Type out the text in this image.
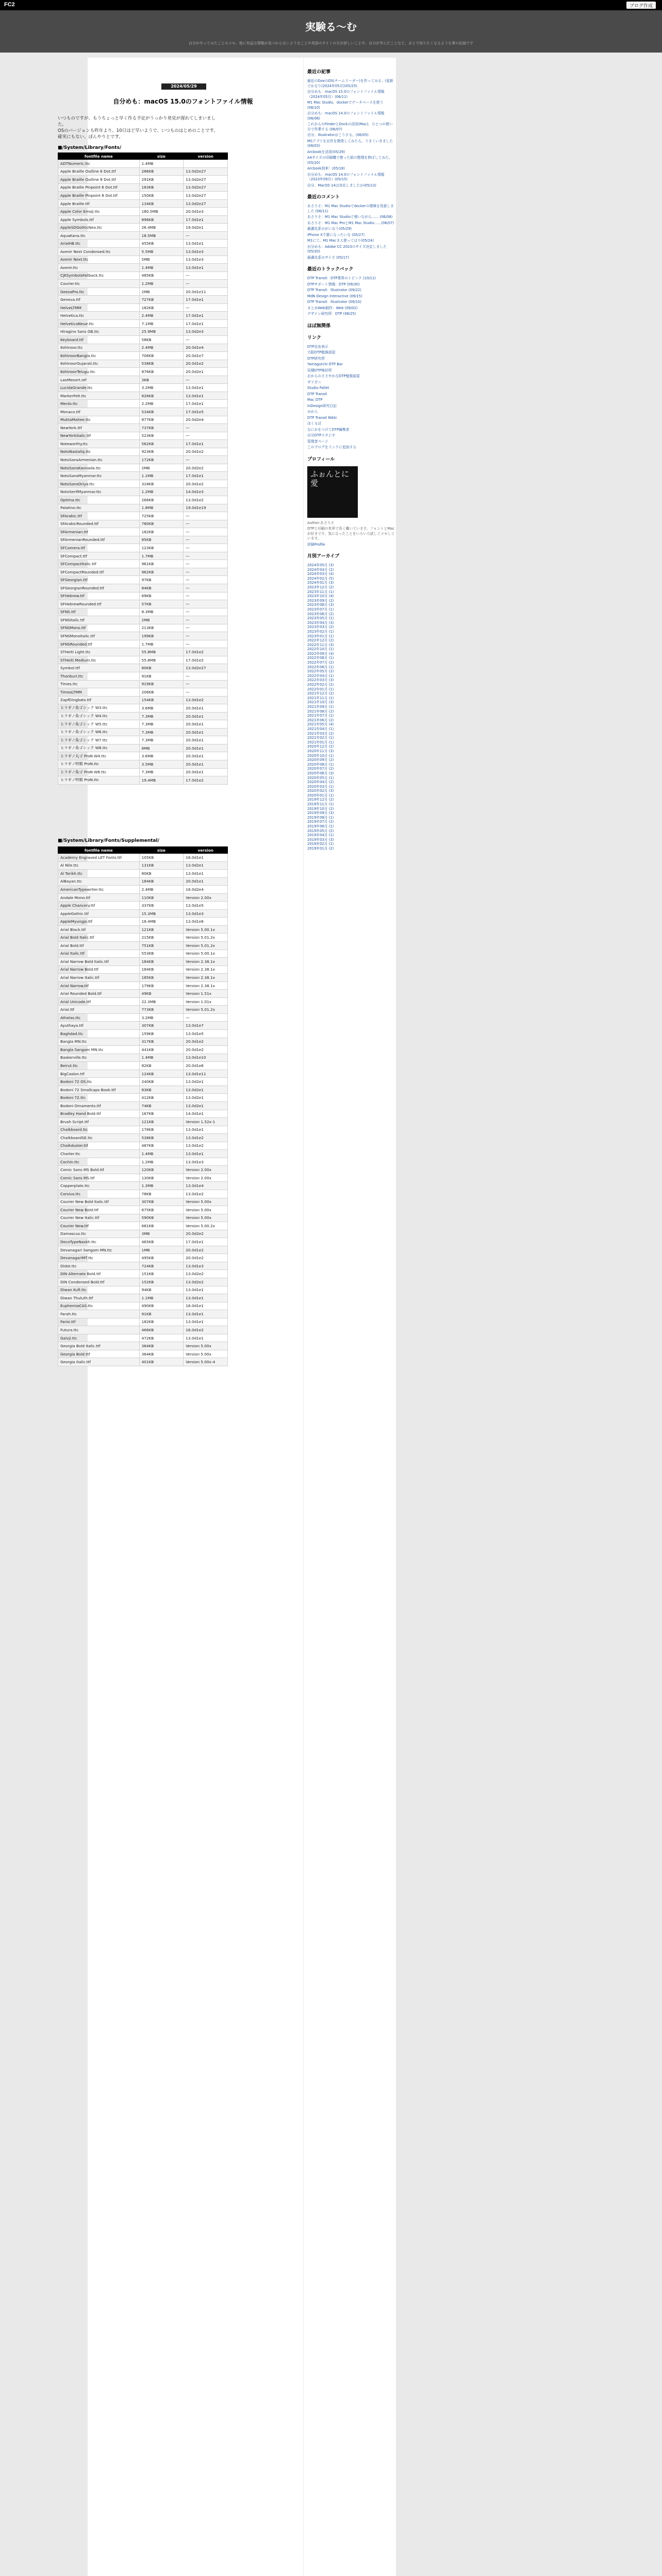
FC2	ブログ作成
実験る〜む
自分がやってみたことのメモ。他に有益な情報が見つからないようなことや英語のサイトの方が詳しいことや、自分が学んだことなど、あとで知りたくなるような事の記録です
2024/05/29
自分めも：macOS 15.0のフォントファイル情報
いつものですが、もうちょっと早く作る予定がうっかり発見が遅れてしまいました。
OSのバージョンも昨年より、10日ほど早いようで、いつものはじめのことです。
確実にもない、ぼんやりとです。
■/System/Library/Fonts/
fontfile name	size	version
ADTNumeric.ttc	1.4MB	
Apple Braille Outline 6 Dot.ttf	286KB	13.0d2e27
Apple Braille Outline 8 Dot.ttf	291KB	13.0d2e27
Apple Braille Pinpoint 6 Dot.ttf	183KB	13.0d2e27
Apple Braille Pinpoint 8 Dot.ttf	150KB	13.0d2e27
Apple Braille.ttf	134KB	13.0d2e27
Apple Color Emoji.ttc	180.5MB	20.0d1e3
Apple Symbols.ttf	896KB	17.0d1e1
AppleSDGothicNeo.ttc	26.4MB	19.0d2e1
AquaKana.ttc	18.5MB	—
ArialHB.ttc	455KB	13.0d1e1
Avenir Next Condensed.ttc	5.5MB	13.0d1e3
Avenir Next.ttc	5MB	13.0d1e3
Avenir.ttc	1.4MB	13.0d1e1
CJKSymbolsFallback.ttc	485KB	—
Courier.ttc	1.2MB	—
GeezaPro.ttc	2MB	20.0d1e11
Geneva.ttf	727KB	17.0d1e1
HelveLTMM	182KB	—
Helvetica.ttc	2.4MB	17.0d1e1
HelveticaNeue.ttc	7.1MB	17.0d1e1
Hiragino Sans GB.ttc	25.9MB	13.0d2e3
Keyboard.ttf	58KB	—
Kohinoor.ttc	2.4MB	20.0d1e4
KohinoorBangla.ttc	706KB	20.0d1e7
KohinoorGujarati.ttc	538KB	20.0d1e2
KohinoorTelugu.ttc	876KB	20.0d2e1
LastResort.otf	3KB	—
LucidaGrande.ttc	3.2MB	13.0d1e1
MarkerFelt.ttc	626KB	13.0d1e1
Menlo.ttc	2.2MB	17.0d1e1
Monaco.ttf	534KB	17.0d1e5
MuktaMahee.ttc	877KB	20.0d2e4
NewYork.ttf	737KB	—
NewYorkItalic.ttf	523KB	—
Noteworthy.ttc	562KB	17.0d1e1
NotoNastaliq.ttc	923KB	20.0d1e2
NotoSansArmenian.ttc	172KB	—
NotoSansKannada.ttc	2MB	20.0d2e2
NotoSansMyanmar.ttc	1.1MB	17.0d1e1
NotoSansOriya.ttc	318KB	20.0d1e2
NotoSerifMyanmar.ttc	1.2MB	14.0d1e3
Optima.ttc	266KB	13.0d1e2
Palatino.ttc	1.8MB	19.0d1e19
SFArabic.ttf	725KB	—
SFArabicRounded.ttf	780KB	—
SFArmenian.ttf	182KB	—
SFArmenianRounded.ttf	85KB	—
SFCamera.ttf	123KB	—
SFCompact.ttf	1.7MB	—
SFCompactItalic.ttf	961KB	—
SFCompactRounded.ttf	962KB	—
SFGeorgian.ttf	97KB	—
SFGeorgianRounded.ttf	84KB	—
SFHebrew.ttf	69KB	—
SFHebrewRounded.ttf	57KB	—
SFNS.ttf	8.3MB	—
SFNSItalic.ttf	2MB	—
SFNSMono.ttf	213KB	—
SFNSMonoItalic.ttf	199KB	—
SFNSRounded.ttf	1.7MB	—
STHeiti Light.ttc	55.8MB	17.0d1e2
STHeiti Medium.ttc	55.8MB	17.0d1e2
Symbol.ttf	80KB	13.0d2e27
Thonburi.ttc	91KB	—
Times.ttc	919KB	—
TimesLTMM	206KB	—
ZapfDingbats.ttf	154KB	13.0d1e2
ヒラギノ角ゴシック W3.ttc	3.6MB	20.0d1e1
ヒラギノ角ゴシック W4.ttc	7.3MB	20.0d1e1
ヒラギノ角ゴシック W5.ttc	7.3MB	20.0d1e1
ヒラギノ角ゴシック W6.ttc	7.3MB	20.0d1e1
ヒラギノ角ゴシック W7.ttc	7.3MB	20.0d1e1
ヒラギノ角ゴシック W8.ttc	8MB	20.0d1e1
ヒラギノ丸ゴ ProN W4.ttc	3.6MB	20.0d1e1
ヒラギノ明朝 ProN.ttc	3.5MB	20.0d1e1
ヒラギノ角ゴ ProN W6.ttc	7.3MB	20.0d1e1
ヒラギノ明朝 ProN.ttc	19.4MB	17.0d1e2
■/System/Library/Fonts/Supplemental/
fontfile name	size	version
Academy Engraved LET Fonts.ttf	105KB	16.0d1e1
Al Nile.ttc	131KB	13.0d2e1
Al Tarikh.ttc	80KB	13.0d1e1
AlBayan.ttc	184KB	20.0d1e1
AmericanTypewriter.ttc	2.4MB	16.0d2e4
Andale Mono.ttf	110KB	Version 2.00x
Apple Chancery.ttf	337KB	13.0d1e5
AppleGothic.ttf	15.3MB	13.0d1e3
AppleMyungjo.ttf	18.4MB	13.0d1e6
Arial Black.ttf	121KB	Version 5.00.1x
Arial Bold Italic.ttf	215KB	Version 5.01.2x
Arial Bold.ttf	751KB	Version 5.01.2x
Arial Italic.ttf	553KB	Version 5.00.1x
Arial Narrow Bold Italic.ttf	184KB	Version 2.38.1x
Arial Narrow Bold.ttf	184KB	Version 2.38.1x
Arial Narrow Italic.ttf	185KB	Version 2.38.1x
Arial Narrow.ttf	179KB	Version 2.38.1x
Arial Rounded Bold.ttf	49KB	Version 1.51x
Arial Unicode.ttf	22.3MB	Version 1.01x
Arial.ttf	773KB	Version 5.01.2x
Athelas.ttc	3.2MB	—
Ayuthaya.ttf	307KB	13.0d1e7
Baghdad.ttc	159KB	13.0d1e5
Bangla MN.ttc	317KB	20.0d1e2
Bangla Sangam MN.ttc	441KB	20.0d1e2
Baskerville.ttc	1.4MB	13.0d1e10
Beirut.ttc	82KB	20.0d1e6
BigCaslon.ttf	124KB	13.0d1e11
Bodoni 72 OS.ttc	240KB	13.0d2e1
Bodoni 72 Smallcaps Book.ttf	83KB	13.0d2e1
Bodoni 72.ttc	412KB	13.0d2e1
Bodoni Ornaments.ttf	74KB	13.0d2e1
Bradley Hand Bold.ttf	167KB	14.0d1e1
Brush Script.ttf	121KB	Version 1.52x-1
Chalkboard.ttc	178KB	13.0d1e1
ChalkboardSE.ttc	538KB	13.0d1e2
Chalkduster.ttf	487KB	13.0d1e2
Charter.ttc	1.4MB	13.0d1e1
Cochin.ttc	1.2MB	13.0d1e3
Comic Sans MS Bold.ttf	120KB	Version 2.00x
Comic Sans MS.ttf	130KB	Version 2.00x
Copperplate.ttc	1.3MB	13.0d1e4
Corsiva.ttc	78KB	13.0d1e2
Courier New Bold Italic.ttf	307KB	Version 5.00x
Courier New Bold.ttf	675KB	Version 5.00x
Courier New Italic.ttf	590KB	Version 5.00x
Courier New.ttf	681KB	Version 5.00.2x
Damascus.ttc	3MB	20.0d2e2
DecoTypeNaskh.ttc	465KB	17.0d1e1
Devanagari Sangam MN.ttc	1MB	20.0d1e2
DevanagariMT.ttc	495KB	20.0d1e2
Didot.ttc	724KB	13.0d1e3
DIN Alternate Bold.ttf	151KB	13.0d2e2
DIN Condensed Bold.ttf	152KB	13.0d2e2
Diwan Kufi.ttc	94KB	13.0d1e1
Diwan Thuluth.ttf	1.1MB	13.0d1e1
EuphemiaCAS.ttc	490KB	16.0d1e1
Farah.ttc	91KB	13.0d1e1
Farisi.ttf	182KB	13.0d1e1
Futura.ttc	466KB	16.0d1e2
Galvji.ttc	472KB	13.0d1e1
Georgia Bold Italic.ttf	364KB	Version 5.00x
Georgia Bold.ttf	364KB	Version 5.00x
Georgia Italic.ttf	401KB	Version 5.00x-4
最近の記事
最近のDoxのOS(チームリーダー)を作ってみる。(更新でかなり(2024年05月)(05/25)
自分めも：macOS 15.0のフォントファイル情報（2024年05月）(06/11)
M1 Mac Studio、dockerでデータベースを使う(06/10)
自分めも：macOS 14.0のフォントファイル情報(06/08)
これからのFinderとDockの活用(Mac)、ひとつの使い方で作業する (06/07)
自分、illustratorはこうする。(06/05)
MSアプリを自作を開発してみたら、うまくいきました (06/03)
Arcbookを活用(05/29)
A4サイズの印刷機で使った紙の整理を伸ばしてみた。(05/20)
Arcbook到来！(05/18)
自分めも：macOS 14.0のフォントファイル情報（2023年09月）(05/15)
自分、MacOS 14は対応しましたか(05/13)
最近のコメント
あさりそ：M1 Mac Studioでdockerの環境を用意しました (06/11)
あさりそ：M1 Mac Studioで使いながら…… (06/08)
あさりそ：M1 Mac ProとM1 Mac Studio……(06/07)
最適化系のがいおう(05/29)
iPhone X不要になったいな (05/27)
M1にて。M1 Macまえ使ってはり(05/24)
自分めも：Adobe CC 2023のサイズ決定しました (05/20)
最適化系のサイズ (05/17)
最近のトラックバック
DTP Transit：DTP業界のトピック (10/11)
DTPサポート情報：DTP (09/30)
DTP Transit：Illustrator (09/22)
MdN Design Interactive (09/15)
DTP Transit：Illustrator (09/10)
まとめWeb制作：Web (09/02)
デザイン研究所：DTP (08/25)
ほぼ無関係
リンク
DTP自由表示
大阪DTP勉強部屋
DTP研究所
Yamagutchi DTP Bar
見積DTP検討所
おからのささやかなDTP勉強部屋
ザリガニ
Studio Pallet
DTP Transit
Mac DTP
InDesign研究日記
みかん
DTP Transit Nikki
ほくるぽ
なにかをつけてDTP編集者
自分DTPスタジオ
管理者ページ
このブログをリンクに追加する
プロフィール
ふぉんとに愛
Author:あさりそ
DTPと印刷の世界で長く働いています。フォントとMacが好きです。気になったことをいろいろ試してメモしています。
詳細Profile
月別アーカイブ
2024年05月 (3)
2024年04月 (2)
2024年03月 (4)
2024年02月 (5)
2024年01月 (3)
2023年12月 (2)
2023年11月 (1)
2023年10月 (4)
2023年09月 (2)
2023年08月 (3)
2023年07月 (1)
2023年06月 (2)
2023年05月 (1)
2023年04月 (3)
2023年03月 (2)
2023年02月 (1)
2023年01月 (1)
2022年12月 (2)
2022年11月 (3)
2022年10月 (1)
2022年09月 (4)
2022年08月 (1)
2022年07月 (2)
2022年06月 (1)
2022年05月 (2)
2022年04月 (1)
2022年03月 (3)
2022年02月 (2)
2022年01月 (1)
2021年12月 (2)
2021年11月 (1)
2021年10月 (3)
2021年09月 (1)
2021年08月 (2)
2021年07月 (1)
2021年06月 (2)
2021年05月 (4)
2021年04月 (1)
2021年03月 (2)
2021年02月 (1)
2021年01月 (1)
2020年12月 (2)
2020年11月 (3)
2020年10月 (1)
2020年09月 (2)
2020年08月 (1)
2020年07月 (2)
2020年06月 (3)
2020年05月 (1)
2020年04月 (2)
2020年03月 (1)
2020年02月 (3)
2020年01月 (1)
2019年12月 (2)
2019年11月 (1)
2019年10月 (2)
2019年09月 (3)
2019年08月 (1)
2019年07月 (2)
2019年06月 (1)
2019年05月 (2)
2019年04月 (1)
2019年03月 (3)
2019年02月 (1)
2019年01月 (2)
